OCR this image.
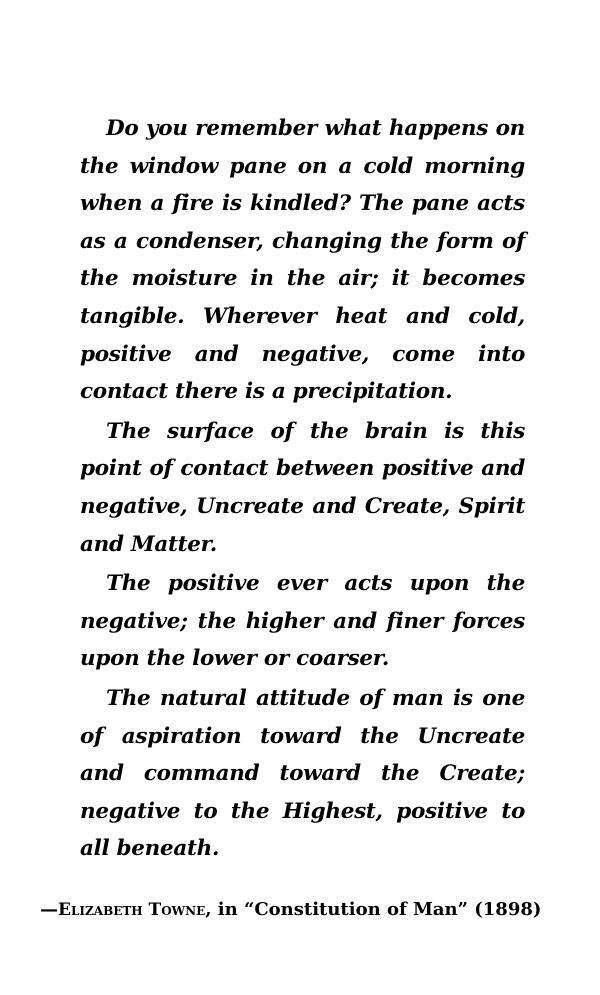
Do you remember what happens on the window pane on a cold morning when a fire is kindled? The pane acts as a condenser, changing the form of the moisture in the air; it becomes tangible. Wherever heat and cold, positive and negative, come into contact there is a precipitation.

The surface of the brain is this point of contact between positive and negative, Uncreate and Create, Spirit and Matter.

The positive ever acts upon the negative; the higher and finer forces upon the lower or coarser.

The natural attitude of man is one of aspiration toward the Uncreate and command toward the Create; negative to the Highest, positive to all beneath.

—Elizabeth Towne, in “Constitution of Man” (1898)
